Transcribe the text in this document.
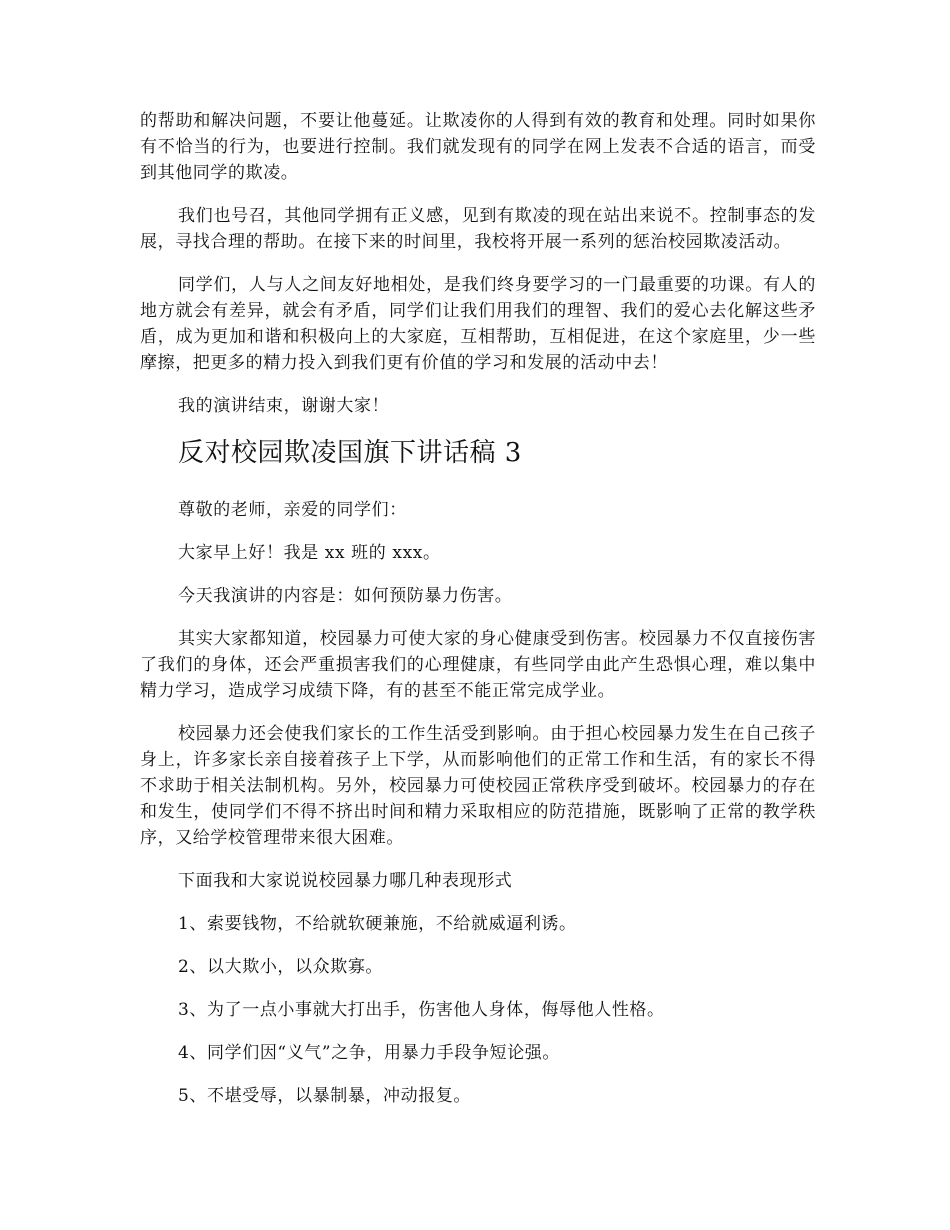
的帮助和解决问题，不要让他蔓延。让欺凌你的人得到有效的教育和处理。同时如果你有不恰当的行为，也要进行控制。我们就发现有的同学在网上发表不合适的语言，而受到其他同学的欺凌。

我们也号召，其他同学拥有正义感，见到有欺凌的现在站出来说不。控制事态的发展，寻找合理的帮助。在接下来的时间里，我校将开展一系列的惩治校园欺凌活动。

同学们，人与人之间友好地相处，是我们终身要学习的一门最重要的功课。有人的地方就会有差异，就会有矛盾，同学们让我们用我们的理智、我们的爱心去化解这些矛盾，成为更加和谐和积极向上的大家庭，互相帮助，互相促进，在这个家庭里，少一些摩擦，把更多的精力投入到我们更有价值的学习和发展的活动中去！

我的演讲结束，谢谢大家！

反对校园欺凌国旗下讲话稿 3

尊敬的老师，亲爱的同学们：

大家早上好！我是 xx 班的 xxx。

今天我演讲的内容是：如何预防暴力伤害。

其实大家都知道，校园暴力可使大家的身心健康受到伤害。校园暴力不仅直接伤害了我们的身体，还会严重损害我们的心理健康，有些同学由此产生恐惧心理，难以集中精力学习，造成学习成绩下降，有的甚至不能正常完成学业。

校园暴力还会使我们家长的工作生活受到影响。由于担心校园暴力发生在自己孩子身上，许多家长亲自接着孩子上下学，从而影响他们的正常工作和生活，有的家长不得不求助于相关法制机构。另外，校园暴力可使校园正常秩序受到破坏。校园暴力的存在和发生，使同学们不得不挤出时间和精力采取相应的防范措施，既影响了正常的教学秩序，又给学校管理带来很大困难。

下面我和大家说说校园暴力哪几种表现形式

1、索要钱物，不给就软硬兼施，不给就威逼利诱。

2、以大欺小，以众欺寡。

3、为了一点小事就大打出手，伤害他人身体，侮辱他人性格。

4、同学们因“义气”之争，用暴力手段争短论强。

5、不堪受辱，以暴制暴，冲动报复。
